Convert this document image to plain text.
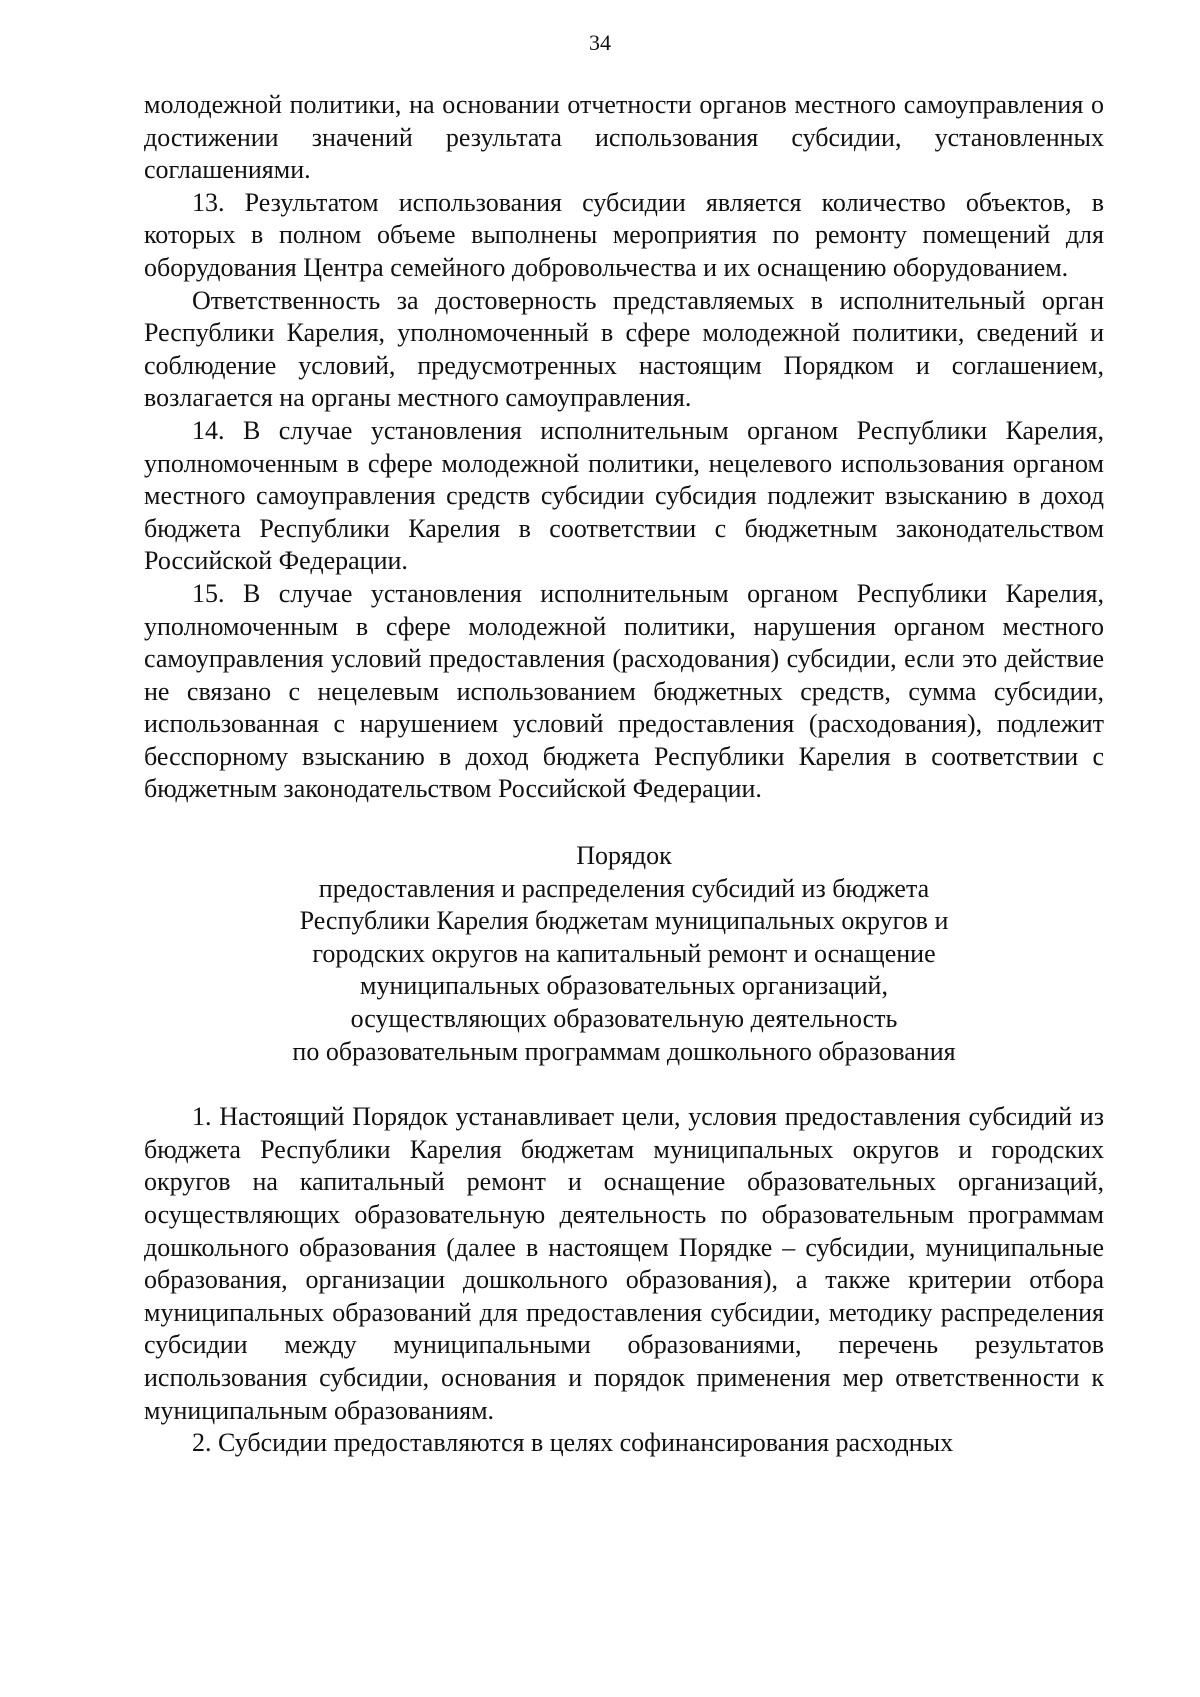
34

молодежной политики, на основании отчетности органов местного самоуправления о достижении значений результата использования субсидии, установленных соглашениями.

13. Результатом использования субсидии является количество объектов, в которых в полном объеме выполнены мероприятия по ремонту помещений для оборудования Центра семейного добровольчества и их оснащению оборудованием.

Ответственность за достоверность представляемых в исполнительный орган Республики Карелия, уполномоченный в сфере молодежной политики, сведений и соблюдение условий, предусмотренных настоящим Порядком и соглашением, возлагается на органы местного самоуправления.

14. В случае установления исполнительным органом Республики Карелия, уполномоченным в сфере молодежной политики, нецелевого использования органом местного самоуправления средств субсидии субсидия подлежит взысканию в доход бюджета Республики Карелия в соответствии с бюджетным законодательством Российской Федерации.

15. В случае установления исполнительным органом Республики Карелия, уполномоченным в сфере молодежной политики, нарушения органом местного самоуправления условий предоставления (расходования) субсидии, если это действие не связано с нецелевым использованием бюджетных средств, сумма субсидии, использованная с нарушением условий предоставления (расходования), подлежит бесспорному взысканию в доход бюджета Республики Карелия в соответствии с бюджетным законодательством Российской Федерации.

Порядок
предоставления и распределения субсидий из бюджета
Республики Карелия бюджетам муниципальных округов и
городских округов на капитальный ремонт и оснащение
муниципальных образовательных организаций,
осуществляющих образовательную деятельность
по образовательным программам дошкольного образования

1. Настоящий Порядок устанавливает цели, условия предоставления субсидий из бюджета Республики Карелия бюджетам муниципальных округов и городских округов на капитальный ремонт и оснащение образовательных организаций, осуществляющих образовательную деятельность по образовательным программам дошкольного образования (далее в настоящем Порядке – субсидии, муниципальные образования, организации дошкольного образования), а также критерии отбора муниципальных образований для предоставления субсидии, методику распределения субсидии между муниципальными образованиями, перечень результатов использования субсидии, основания и порядок применения мер ответственности к муниципальным образованиям.

2. Субсидии предоставляются в целях софинансирования расходных
